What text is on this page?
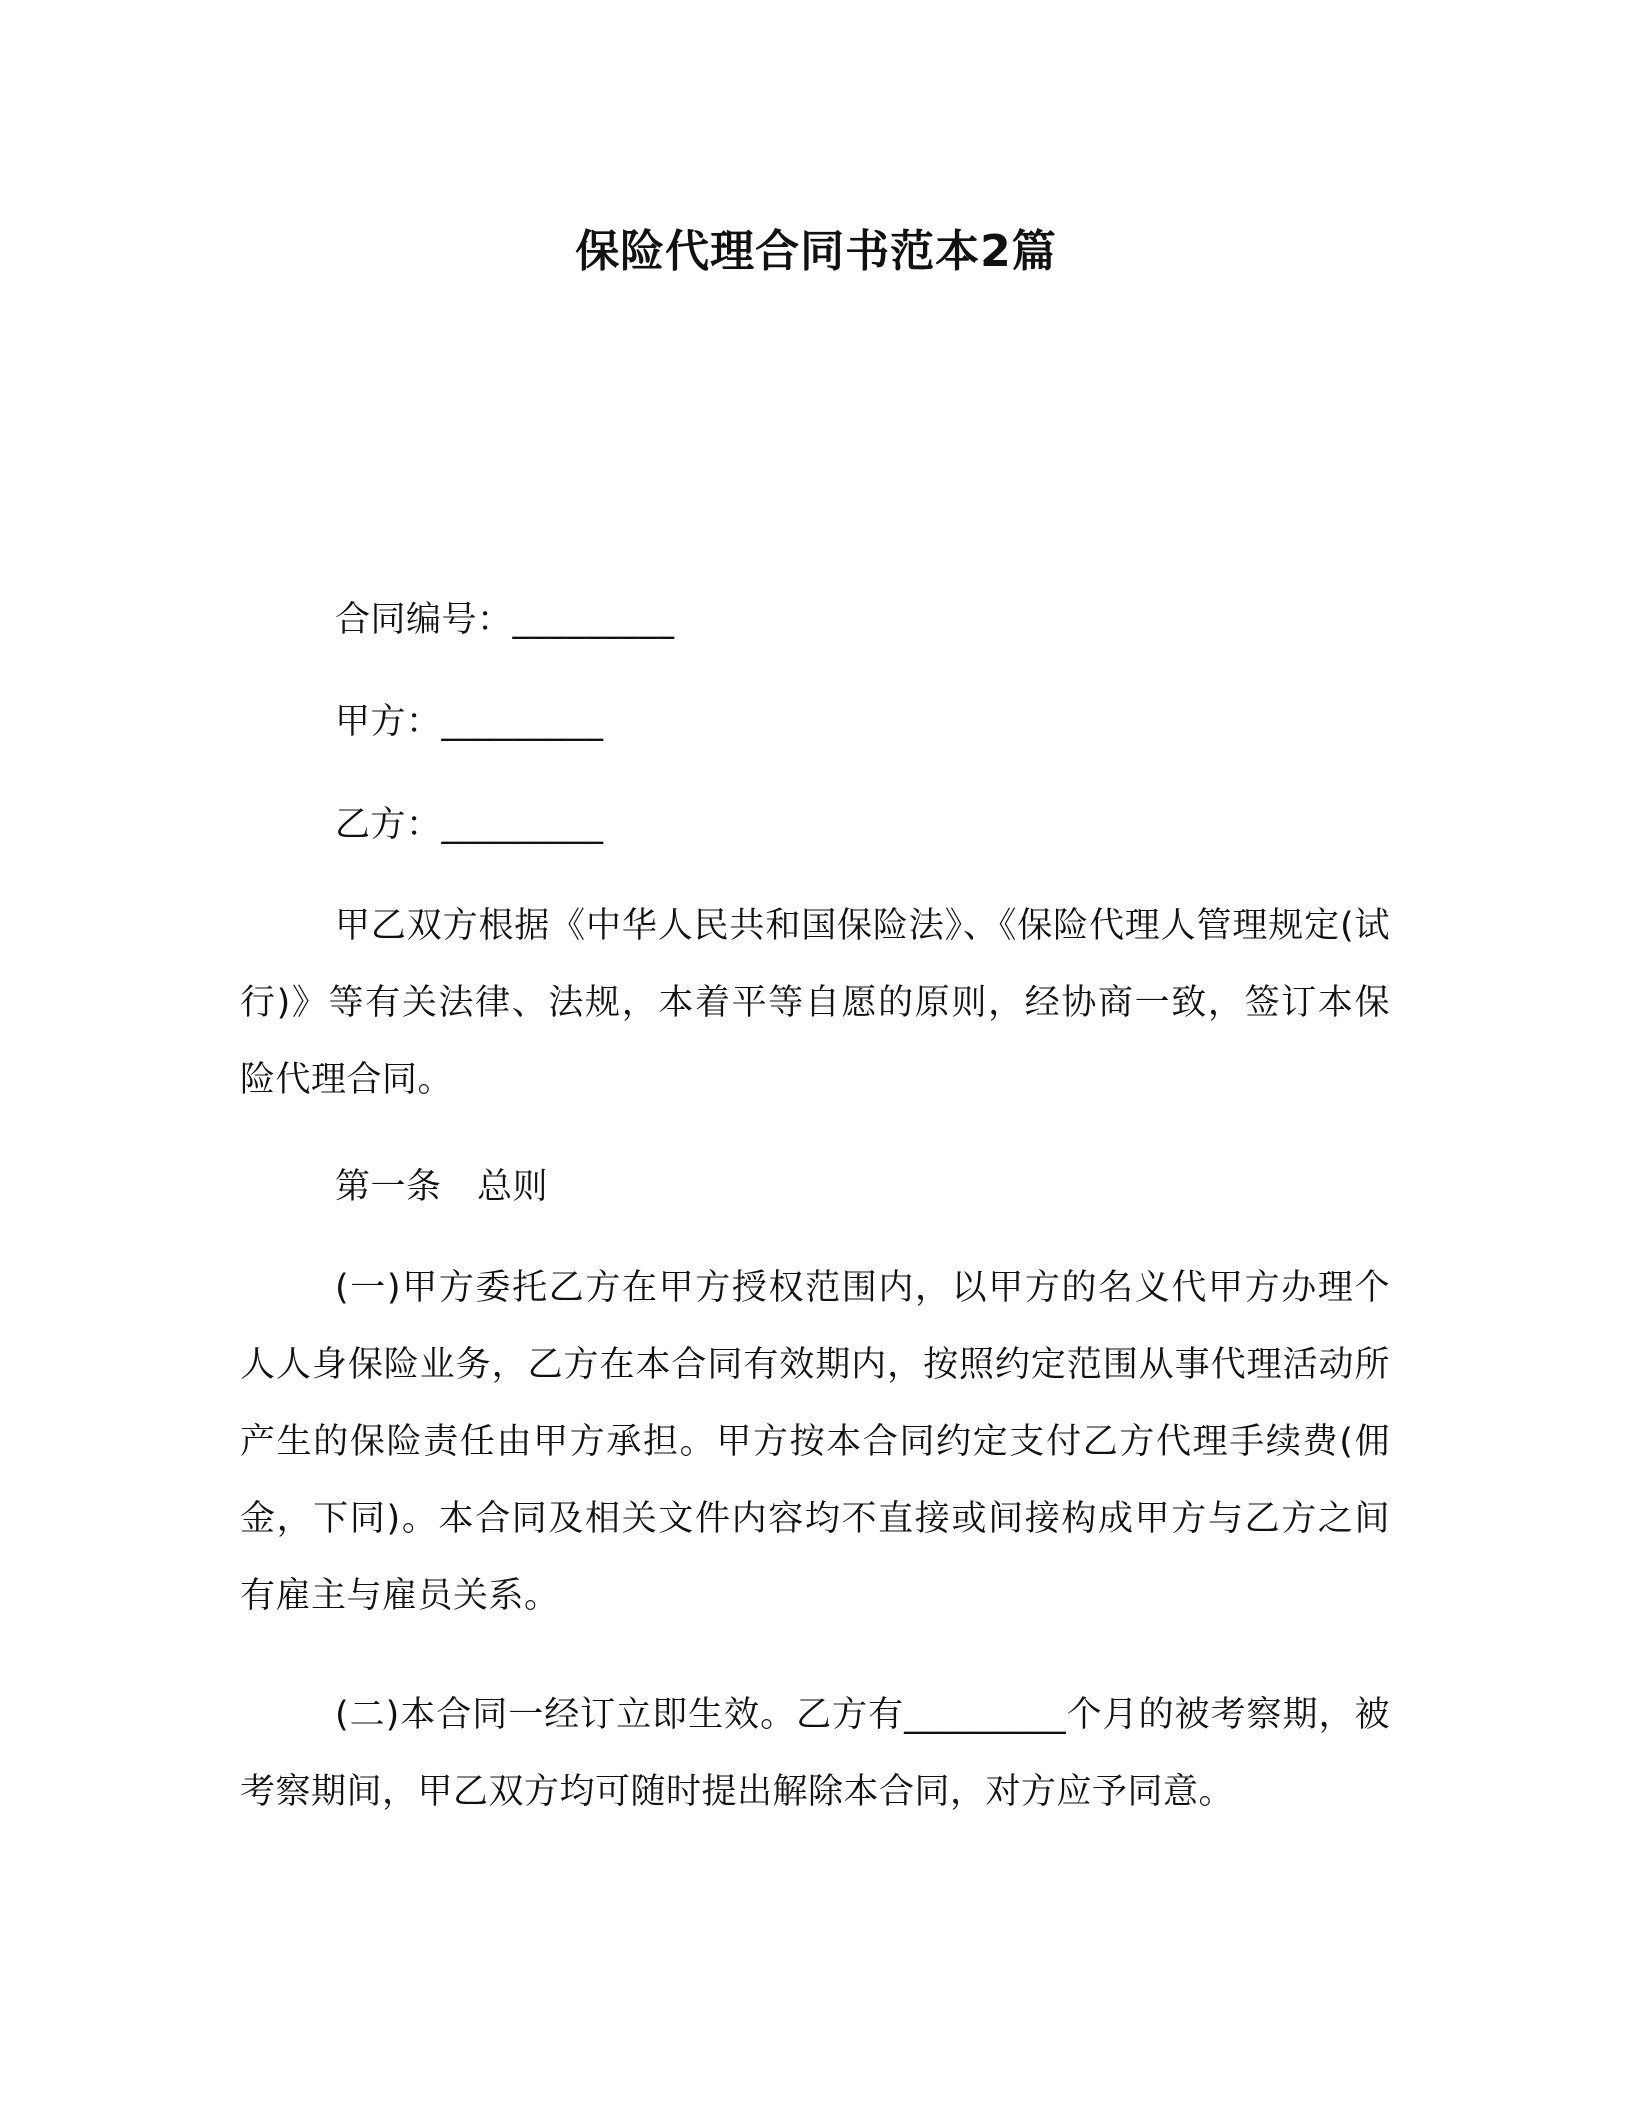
保险代理合同书范本2篇
合同编号：_________
甲方：_________
乙方：_________

甲乙双方根据《中华人民共和国保险法》、《保险代理人管理规定(试行)》等有关法律、法规，本着平等自愿的原则，经协商一致，签订本保险代理合同。

第一条　总则

(一)甲方委托乙方在甲方授权范围内，以甲方的名义代甲方办理个人人身保险业务，乙方在本合同有效期内，按照约定范围从事代理活动所产生的保险责任由甲方承担。甲方按本合同约定支付乙方代理手续费(佣金，下同)。本合同及相关文件内容均不直接或间接构成甲方与乙方之间有雇主与雇员关系。

(二)本合同一经订立即生效。乙方有_________个月的被考察期，被考察期间，甲乙双方均可随时提出解除本合同，对方应予同意。
